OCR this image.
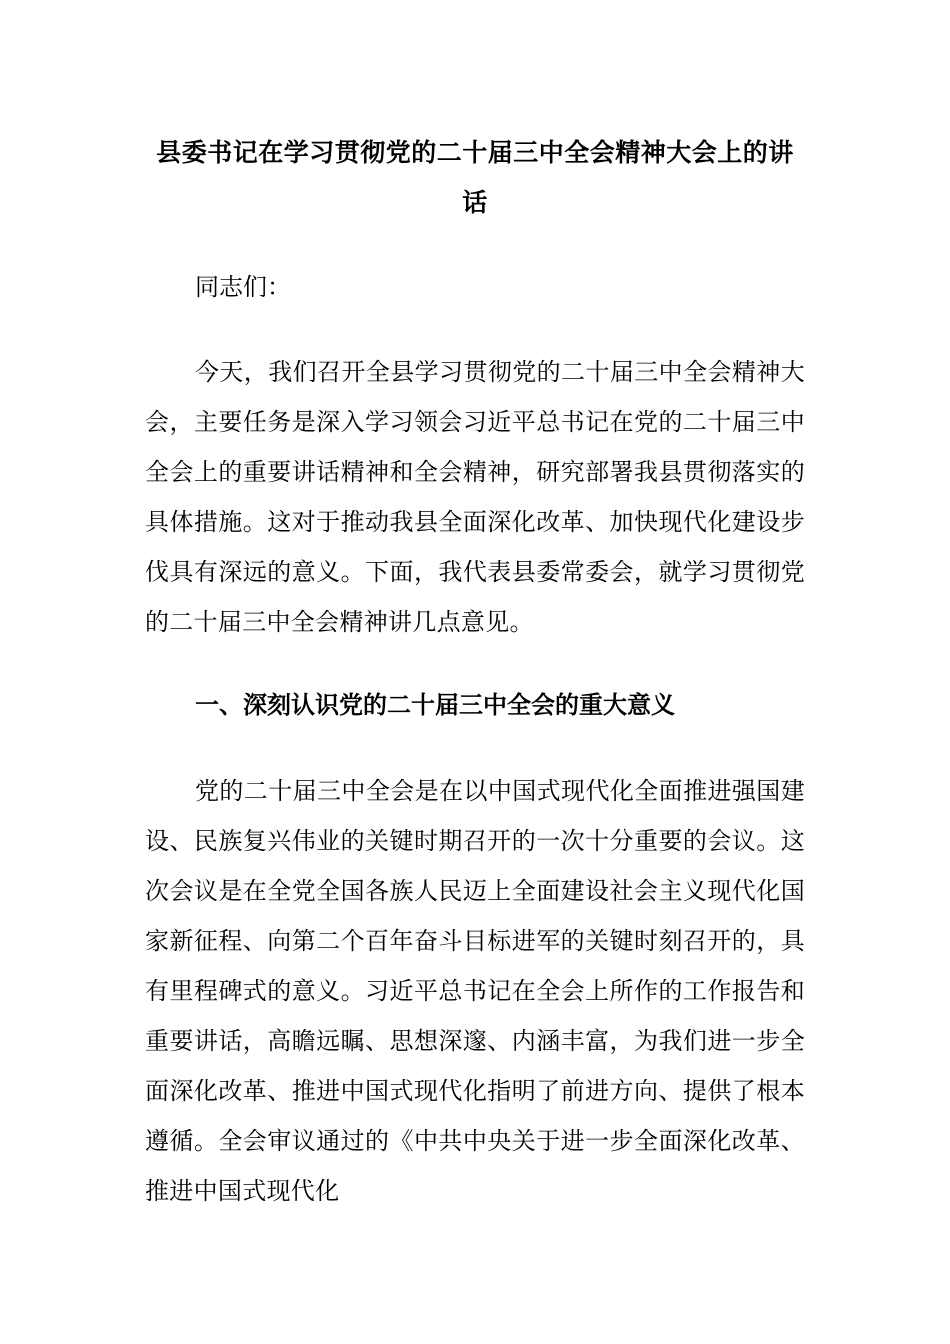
县委书记在学习贯彻党的二十届三中全会精神大会上的讲话

同志们：

今天，我们召开全县学习贯彻党的二十届三中全会精神大会，主要任务是深入学习领会习近平总书记在党的二十届三中全会上的重要讲话精神和全会精神，研究部署我县贯彻落实的具体措施。这对于推动我县全面深化改革、加快现代化建设步伐具有深远的意义。下面，我代表县委常委会，就学习贯彻党的二十届三中全会精神讲几点意见。

一、深刻认识党的二十届三中全会的重大意义

党的二十届三中全会是在以中国式现代化全面推进强国建设、民族复兴伟业的关键时期召开的一次十分重要的会议。这次会议是在全党全国各族人民迈上全面建设社会主义现代化国家新征程、向第二个百年奋斗目标进军的关键时刻召开的，具有里程碑式的意义。习近平总书记在全会上所作的工作报告和重要讲话，高瞻远瞩、思想深邃、内涵丰富，为我们进一步全面深化改革、推进中国式现代化指明了前进方向、提供了根本遵循。全会审议通过的《中共中央关于进一步全面深化改革、推进中国式现代化
